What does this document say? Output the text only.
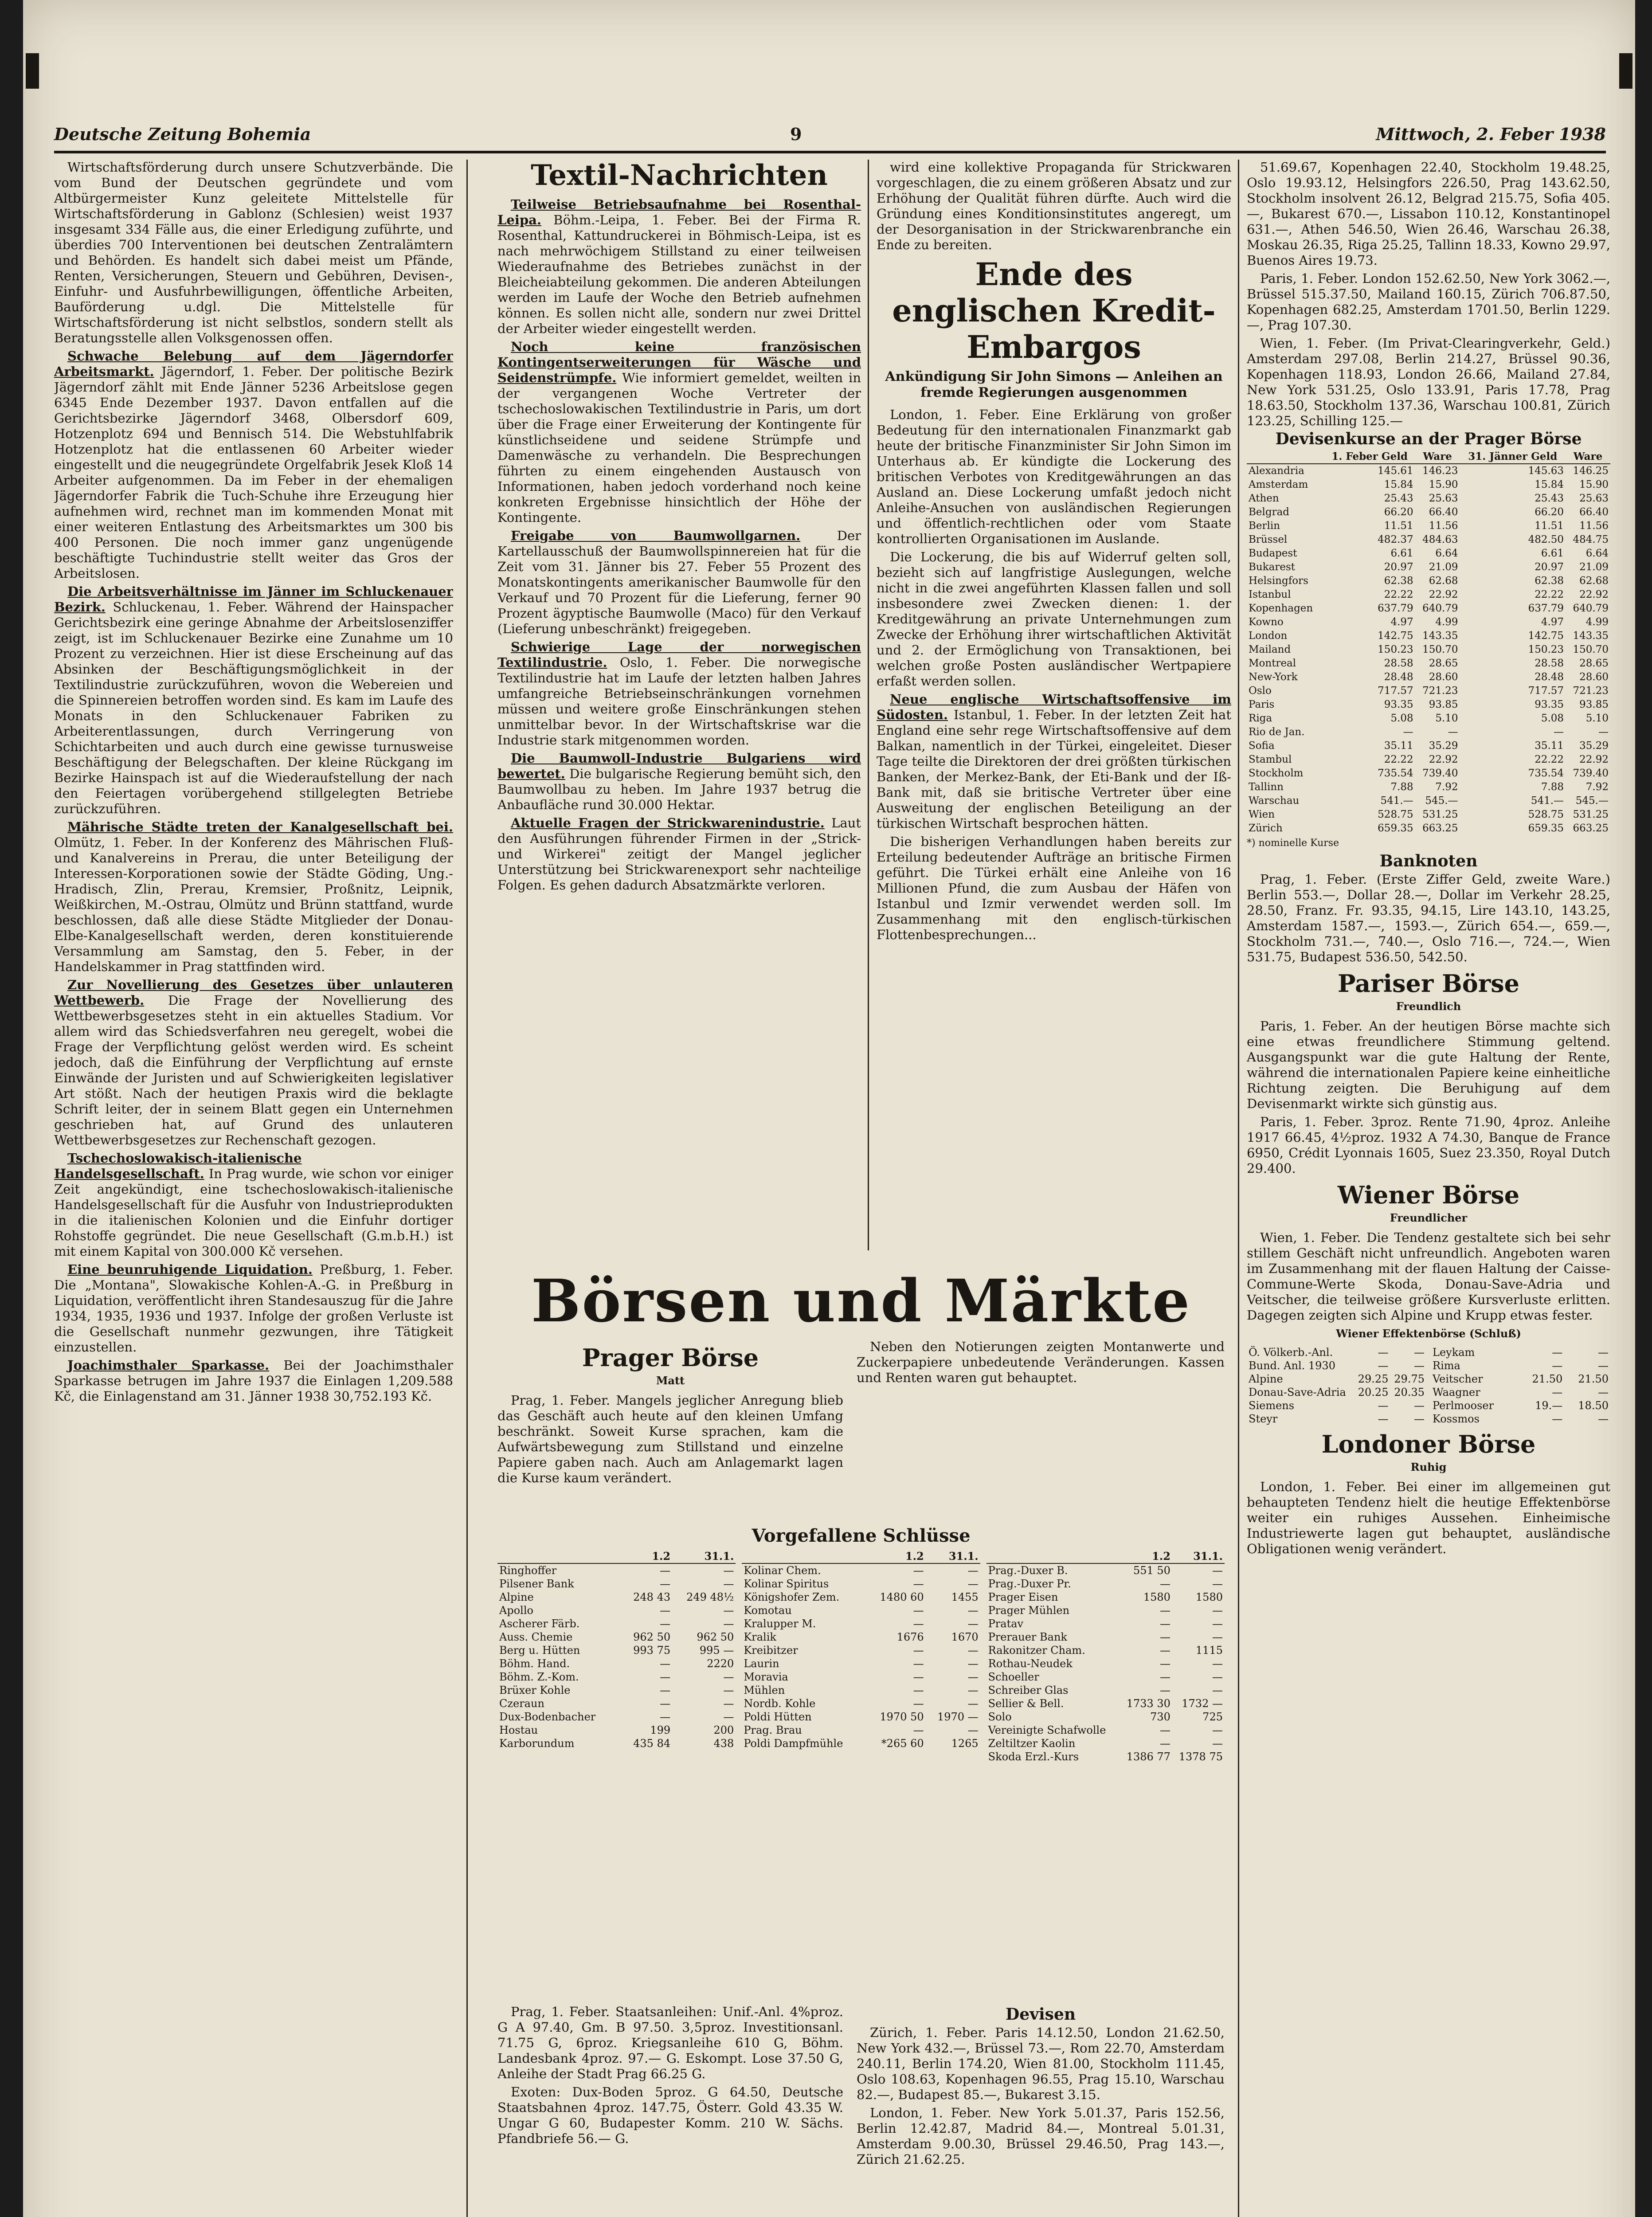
Deutsche Zeitung Bohemia	9	Mittwoch, 2. Feber 1938

Wirtschaftsförderung durch unsere Schutzverbände. Die vom Bund der Deutschen gegründete und vom Altbürgermeister Kunz geleitete Mittelstelle für Wirtschaftsförderung in Gablonz (Schlesien) weist 1937 insgesamt 334 Fälle aus, die einer Erledigung zuführte, und überdies 700 Interventionen bei deutschen Zentralämtern und Behörden. Es handelt sich dabei meist um Pfände, Renten, Versicherungen, Steuern und Gebühren, Devisen-, Einfuhr- und Ausfuhrbewilligungen, öffentliche Arbeiten, Bauförderung u.dgl. Die Mittelstelle für Wirtschaftsförderung ist nicht selbstlos, sondern stellt als Beratungsstelle allen Volksgenossen offen.

Schwache Belebung auf dem Jägerndorfer Arbeitsmarkt. Jägerndorf, 1. Feber. Der politische Bezirk Jägerndorf zählt mit Ende Jänner 5236 Arbeitslose gegen 6345 Ende Dezember 1937. Davon entfallen auf die Gerichtsbezirke Jägerndorf 3468, Olbersdorf 609, Hotzenplotz 694 und Bennisch 514. Die Webstuhlfabrik Hotzenplotz hat die entlassenen 60 Arbeiter wieder eingestellt und die neugegründete Orgelfabrik Jesek Kloß 14 Arbeiter aufgenommen. Da im Feber in der ehemaligen Jägerndorfer Fabrik die Tuch-Schuhe ihre Erzeugung hier aufnehmen wird, rechnet man im kommenden Monat mit einer weiteren Entlastung des Arbeitsmarktes um 300 bis 400 Personen. Die noch immer ganz ungenügende beschäftigte Tuchindustrie stellt weiter das Gros der Arbeitslosen.

Die Arbeitsverhältnisse im Jänner im Schluckenauer Bezirk. Schluckenau, 1. Feber. Während der Hainspacher Gerichtsbezirk eine geringe Abnahme der Arbeitslosenziffer zeigt, ist im Schluckenauer Bezirke eine Zunahme um 10 Prozent zu verzeichnen. Hier ist diese Erscheinung auf das Absinken der Beschäftigungsmöglichkeit in der Textilindustrie zurückzuführen, wovon die Webereien und die Spinnereien betroffen worden sind. Es kam im Laufe des Monats in den Schluckenauer Fabriken zu Arbeiterentlassungen, durch Verringerung von Schichtarbeiten und auch durch eine gewisse turnusweise Beschäftigung der Belegschaften. Der kleine Rückgang im Bezirke Hainspach ist auf die Wiederaufstellung der nach den Feiertagen vorübergehend stillgelegten Betriebe zurückzuführen.

Mährische Städte treten der Kanalgesellschaft bei. Olmütz, 1. Feber. In der Konferenz des Mährischen Fluß- und Kanalvereins in Prerau, die unter Beteiligung der Interessen-Korporationen sowie der Städte Göding, Ung.-Hradisch, Zlin, Prerau, Kremsier, Proßnitz, Leipnik, Weißkirchen, M.-Ostrau, Olmütz und Brünn stattfand, wurde beschlossen, daß alle diese Städte Mitglieder der Donau-Elbe-Kanalgesellschaft werden, deren konstituierende Versammlung am Samstag, den 5. Feber, in der Handelskammer in Prag stattfinden wird.

Zur Novellierung des Gesetzes über unlauteren Wettbewerb. Die Frage der Novellierung des Wettbewerbsgesetzes steht in ein aktuelles Stadium. Vor allem wird das Schiedsverfahren neu geregelt, wobei die Frage der Verpflichtung gelöst werden wird. Es scheint jedoch, daß die Einführung der Verpflichtung auf ernste Einwände der Juristen und auf Schwierigkeiten legislativer Art stößt. Nach der heutigen Praxis wird die beklagte Schrift leiter, der in seinem Blatt gegen ein Unternehmen geschrieben hat, auf Grund des unlauteren Wettbewerbsgesetzes zur Rechenschaft gezogen.

Tschechoslowakisch-italienische Handelsgesellschaft. In Prag wurde, wie schon vor einiger Zeit angekündigt, eine tschechoslowakisch-italienische Handelsgesellschaft für die Ausfuhr von Industrieprodukten in die italienischen Kolonien und die Einfuhr dortiger Rohstoffe gegründet. Die neue Gesellschaft (G.m.b.H.) ist mit einem Kapital von 300.000 Kč versehen.

Eine beunruhigende Liquidation. Preßburg, 1. Feber. Die „Montana", Slowakische Kohlen-A.-G. in Preßburg in Liquidation, veröffentlicht ihren Standesauszug für die Jahre 1934, 1935, 1936 und 1937. Infolge der großen Verluste ist die Gesellschaft nunmehr gezwungen, ihre Tätigkeit einzustellen.

Joachimsthaler Sparkasse. Bei der Joachimsthaler Sparkasse betrugen im Jahre 1937 die Einlagen 1,209.588 Kč, die Einlagenstand am 31. Jänner 1938 30,752.193 Kč.

Textil-Nachrichten

Teilweise Betriebsaufnahme bei Rosenthal-Leipa. Böhm.-Leipa, 1. Feber. Bei der Firma R. Rosenthal, Kattundruckerei in Böhmisch-Leipa, ist es nach mehrwöchigem Stillstand zu einer teilweisen Wiederaufnahme des Betriebes zunächst in der Bleicheiabteilung gekommen. Die anderen Abteilungen werden im Laufe der Woche den Betrieb aufnehmen können. Es sollen nicht alle, sondern nur zwei Drittel der Arbeiter wieder eingestellt werden.

Noch keine französischen Kontingentserweiterungen für Wäsche und Seidenstrümpfe. Wie informiert gemeldet, weilten in der vergangenen Woche Vertreter der tschechoslowakischen Textilindustrie in Paris, um dort über die Frage einer Erweiterung der Kontingente für künstlichseidene und seidene Strümpfe und Damenwäsche zu verhandeln. Die Besprechungen führten zu einem eingehenden Austausch von Informationen, haben jedoch vorderhand noch keine konkreten Ergebnisse hinsichtlich der Höhe der Kontingente.

Freigabe von Baumwollgarnen.	Der Kartellausschuß der Baumwollspinnereien hat für die Zeit vom 31. Jänner bis 27. Feber 55 Prozent des Monatskontingents amerikanischer Baumwolle für den Verkauf und 70 Prozent für die Lieferung, ferner 90 Prozent ägyptische Baumwolle (Maco) für den Verkauf (Lieferung unbeschränkt) freigegeben.

Schwierige Lage der norwegischen Textilindustrie. Oslo, 1. Feber. Die norwegische Textilindustrie hat im Laufe der letzten halben Jahres umfangreiche Betriebseinschränkungen vornehmen müssen und weitere große Einschränkungen stehen unmittelbar bevor. In der Wirtschaftskrise war die Industrie stark mitgenommen worden.

Die Baumwoll-Industrie Bulgariens wird bewertet. Die bulgarische Regierung bemüht sich, den Baumwollbau zu heben. Im Jahre 1937 betrug die Anbaufläche rund 30.000 Hektar.

Aktuelle Fragen der Strickwarenindustrie. Laut den Ausführungen führender Firmen in der „Strick- und Wirkerei" zeitigt der Mangel jeglicher Unterstützung bei Strickwarenexport sehr nachteilige Folgen. Es gehen dadurch Absatzmärkte verloren.

wird eine kollektive Propaganda für Strickwaren vorgeschlagen, die zu einem größeren Absatz und zur Erhöhung der Qualität führen dürfte. Auch wird die Gründung eines Konditionsinstitutes angeregt, um der Desorganisation in der Strickwarenbranche ein Ende zu bereiten.

Ende des englischen Kredit-Embargos
Ankündigung Sir John Simons — Anleihen an fremde Regierungen ausgenommen

London, 1. Feber. Eine Erklärung von großer Bedeutung für den internationalen Finanzmarkt gab heute der britische Finanzminister Sir John Simon im Unterhaus ab. Er kündigte die Lockerung des britischen Verbotes von Kreditgewährungen an das Ausland an. Diese Lockerung umfaßt jedoch nicht Anleihe-Ansuchen von ausländischen Regierungen und öffentlich-rechtlichen oder vom Staate kontrollierten Organisationen im Auslande.

Die Lockerung, die bis auf Widerruf gelten soll, bezieht sich auf langfristige Auslegungen, welche nicht in die zwei angeführten Klassen fallen und soll insbesondere zwei Zwecken dienen: 1. der Kreditgewährung an private Unternehmungen zum Zwecke der Erhöhung ihrer wirtschaftlichen Aktivität und 2. der Ermöglichung von Transaktionen, bei welchen große Posten ausländischer Wertpapiere erfaßt werden sollen.

Neue englische Wirtschaftsoffensive im Südosten. Istanbul, 1. Feber. In der letzten Zeit hat England eine sehr rege Wirtschaftsoffensive auf dem Balkan, namentlich in der Türkei, eingeleitet. Dieser Tage teilte die Direktoren der drei größten türkischen Banken, der Merkez-Bank, der Eti-Bank und der Iß-Bank mit, daß sie britische Vertreter über eine Ausweitung der englischen Beteiligung an der türkischen Wirtschaft besprochen hätten.

Die bisherigen Verhandlungen haben bereits zur Erteilung bedeutender Aufträge an britische Firmen geführt. Die Türkei erhält eine Anleihe von 16 Millionen Pfund, die zum Ausbau der Häfen von Istanbul und Izmir verwendet werden soll. Im Zusammenhang mit den englisch-türkischen Flottenbesprechungen...

Börsen und Märkte
Prager Börse
Matt

Prag, 1. Feber. Mangels jeglicher Anregung blieb das Geschäft auch heute auf den kleinen Umfang beschränkt. Soweit Kurse sprachen, kam die Aufwärtsbewegung zum Stillstand und einzelne Papiere gaben nach. Auch am Anlagemarkt lagen die Kurse kaum verändert.

Neben den Notierungen zeigten Montanwerte und Zuckerpapiere unbedeutende Veränderungen. Kassen und Renten waren gut behauptet.

Vorgefallene Schlüsse
	1.2	31.1.
Ringhoffer	—	—
Pilsener Bank	—	—
Alpine	248 43	249 48½
Apollo	—	—
Ascherer Färb.	—	—
Auss. Chemie	962 50	962 50
Berg u. Hütten	993 75	995 —
Böhm. Hand.	—	2220
Böhm. Z.-Kom.	—	—
Brüxer Kohle	—	—
Czeraun	—	—
Dux-Bodenbacher	—	—
Hostau	199	200
Karborundum	435 84	438
	1.2	31.1.
Kolinar Chem.	—	—
Kolinar Spiritus	—	—
Königshofer Zem.	1480 60	1455
Komotau	—	—
Kralupper M.	—	—
Kralik	1676	1670
Kreibitzer	—	—
Laurin	—	—
Moravia	—	—
Mühlen	—	—
Nordb. Kohle	—	—
Poldi Hütten	1970 50	1970 —
Prag. Brau	—	—
Poldi Dampfmühle	*265 60	1265
	1.2	31.1.
Prag.-Duxer B.	551 50	—
Prag.-Duxer Pr.	—	—
Prager Eisen	1580	1580
Prager Mühlen	—	—
Pratav	—	—
Prerauer Bank	—	—
Rakonitzer Cham.	—	1115
Rothau-Neudek	—	—
Schoeller	—	—
Schreiber Glas	—	—
Sellier & Bell.	1733 30	1732 —
Solo	730	725
Vereinigte Schafwolle	—	—
Zeltiltzer Kaolin	—	—
Skoda Erzl.-Kurs	1386 77	1378 75

Prag, 1. Feber. Staatsanleihen: Unif.-Anl. 4%proz. G A 97.40, Gm. B 97.50. 3,5proz. Investitionsanl. 71.75 G, 6proz. Kriegsanleihe 610 G, Böhm. Landesbank 4proz. 97.— G. Eskompt. Lose 37.50 G, Anleihe der Stadt Prag 66.25 G.

Exoten: Dux-Boden 5proz. G 64.50, Deutsche Staatsbahnen 4proz. 147.75, Österr. Gold 43.35 W. Ungar G 60, Budapester Komm. 210 W. Sächs. Pfandbriefe 56.— G.

Devisen

Zürich, 1. Feber. Paris 14.12.50, London 21.62.50, New York 432.—, Brüssel 73.—, Rom 22.70, Amsterdam 240.11, Berlin 174.20, Wien 81.00, Stockholm 111.45, Oslo 108.63, Kopenhagen 96.55, Prag 15.10, Warschau 82.—, Budapest 85.—, Bukarest 3.15.

London, 1. Feber. New York 5.01.37, Paris 152.56, Berlin 12.42.87, Madrid 84.—, Montreal 5.01.31, Amsterdam 9.00.30, Brüssel 29.46.50, Prag 143.—, Zürich 21.62.25.

51.69.67, Kopenhagen 22.40, Stockholm 19.48.25, Oslo 19.93.12, Helsingfors 226.50, Prag 143.62.50, Stockholm insolvent 26.12, Belgrad 215.75, Sofia 405.—, Bukarest 670.—, Lissabon 110.12, Konstantinopel 631.—, Athen 546.50, Wien 26.46, Warschau 26.38, Moskau 26.35, Riga 25.25, Tallinn 18.33, Kowno 29.97, Buenos Aires 19.73.

Paris, 1. Feber. London 152.62.50, New York 3062.—, Brüssel 515.37.50, Mailand 160.15, Zürich 706.87.50, Kopenhagen 682.25, Amsterdam 1701.50, Berlin 1229.—, Prag 107.30.

Wien, 1. Feber. (Im Privat-Clearingverkehr, Geld.) Amsterdam 297.08, Berlin 214.27, Brüssel 90.36, Kopenhagen 118.93, London 26.66, Mailand 27.84, New York 531.25, Oslo 133.91, Paris 17.78, Prag 18.63.50, Stockholm 137.36, Warschau 100.81, Zürich 123.25, Schilling 125.—

Devisenkurse an der Prager Börse
	1. Feber Geld	Ware	31. Jänner Geld	Ware
Alexandria	145.61	146.23	145.63	146.25
Amsterdam	15.84	15.90	15.84	15.90
Athen	25.43	25.63	25.43	25.63
Belgrad	66.20	66.40	66.20	66.40
Berlin	11.51	11.56	11.51	11.56
Brüssel	482.37	484.63	482.50	484.75
Budapest	6.61	6.64	6.61	6.64
Bukarest	20.97	21.09	20.97	21.09
Helsingfors	62.38	62.68	62.38	62.68
Istanbul	22.22	22.92	22.22	22.92
Kopenhagen	637.79	640.79	637.79	640.79
Kowno	4.97	4.99	4.97	4.99
London	142.75	143.35	142.75	143.35
Mailand	150.23	150.70	150.23	150.70
Montreal	28.58	28.65	28.58	28.65
New-York	28.48	28.60	28.48	28.60
Oslo	717.57	721.23	717.57	721.23
Paris	93.35	93.85	93.35	93.85
Riga	5.08	5.10	5.08	5.10
Rio de Jan.	—	—	—	—
Sofia	35.11	35.29	35.11	35.29
Stambul	22.22	22.92	22.22	22.92
Stockholm	735.54	739.40	735.54	739.40
Tallinn	7.88	7.92	7.88	7.92
Warschau	541.—	545.—	541.—	545.—
Wien	528.75	531.25	528.75	531.25
Zürich	659.35	663.25	659.35	663.25
*) nominelle Kurse
Banknoten

Prag, 1. Feber. (Erste Ziffer Geld, zweite Ware.) Berlin 553.—, Dollar 28.—, Dollar im Verkehr 28.25, 28.50, Franz. Fr. 93.35, 94.15, Lire 143.10, 143.25, Amsterdam 1587.—, 1593.—, Zürich 654.—, 659.—, Stockholm 731.—, 740.—, Oslo 716.—, 724.—, Wien 531.75, Budapest 536.50, 542.50.

Pariser Börse
Freundlich

Paris, 1. Feber. An der heutigen Börse machte sich eine etwas freundlichere Stimmung geltend. Ausgangspunkt war die gute Haltung der Rente, während die internationalen Papiere keine einheitliche Richtung zeigten. Die Beruhigung auf dem Devisenmarkt wirkte sich günstig aus.

Paris, 1. Feber. 3proz. Rente 71.90, 4proz. Anleihe 1917 66.45, 4½proz. 1932 A 74.30, Banque de France 6950, Crédit Lyonnais 1605, Suez 23.350, Royal Dutch 29.400.

Wiener Börse
Freundlicher

Wien, 1. Feber. Die Tendenz gestaltete sich bei sehr stillem Geschäft nicht unfreundlich. Angeboten waren im Zusammenhang mit der flauen Haltung der Caisse-Commune-Werte Skoda, Donau-Save-Adria und Veitscher, die teilweise größere Kursverluste erlitten. Dagegen zeigten sich Alpine und Krupp etwas fester.

Wiener Effektenbörse (Schluß)
Ö. Völkerb.-Anl.	—	—
Bund. Anl. 1930	—	—
Alpine	29.25	29.75
Donau-Save-Adria	20.25	20.35
Siemens	—	—
Steyr	—	—
Leykam	—	—
Rima	—	—
Veitscher	21.50	21.50
Waagner	—	—
Perlmooser	19.—	18.50
Kossmos	—	—
Londoner Börse
Ruhig

London, 1. Feber. Bei einer im allgemeinen gut behaupteten Tendenz hielt die heutige Effektenbörse weiter ein ruhiges Aussehen. Einheimische Industriewerte lagen gut behauptet, ausländische Obligationen wenig verändert.
